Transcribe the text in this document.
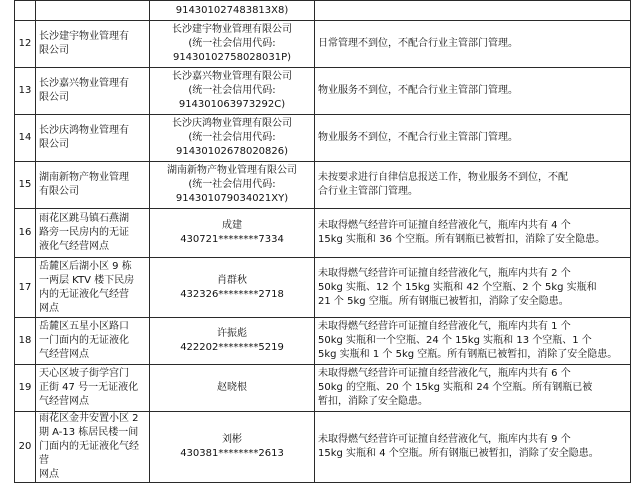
		914301027483813X8)	

12	长沙建宇物业管理有
限公司	长沙建宇物业管理有限公司
(统一社会信用代码:
91430102758028031P)	日常管理不到位，不配合行业主管部门管理。

13	长沙嘉兴物业管理有
限公司	长沙嘉兴物业管理有限公司
(统一社会信用代码:
914301063973292C)	物业服务不到位，不配合行业主管部门管理。

14	长沙庆鸿物业管理有
限公司	长沙庆鸿物业管理有限公司
(统一社会信用代码:
91430102678020826)	物业服务不到位，不配合行业主管部门管理。

15	湖南新物产物业管理
有限公司	湖南新物产物业管理有限公司
(统一社会信用代码:
914301079034021XY)	未按要求进行自律信息报送工作，物业服务不到位，不配
合行业主管部门管理。

16	雨花区跳马镇石燕湖
路旁一民房内的无证
液化气经营网点	成建
430721********7334	未取得燃气经营许可证擅自经营液化气，瓶库内共有 4 个
15kg 实瓶和 36 个空瓶。所有钢瓶已被暂扣，消除了安全隐患。

17	岳麓区后湖小区 9 栋
一两层 KTV 楼下民房
内的无证液化气经营
网点	肖群秋
432326********2718	未取得燃气经营许可证擅自经营液化气，瓶库内共有 2 个
50kg 实瓶、12 个 15kg 实瓶和 42 个空瓶、2 个 5kg 实瓶和
21 个 5kg 空瓶。所有钢瓶已被暂扣，消除了安全隐患。

18	岳麓区五星小区路口
一门面内的无证液化
气经营网点	许振彪
422202********5219	未取得燃气经营许可证擅自经营液化气，瓶库内共有 1 个
50kg 实瓶和一个空瓶、24 个 15kg 实瓶和 13 个空瓶、1 个
5kg 实瓶和 1 个 5kg 空瓶。所有钢瓶已被暂扣，消除了安全隐患。

19	天心区坡子街学宫门
正街 47 号一无证液化
气经营网点	赵晓根	未取得燃气经营许可证擅自经营液化气，瓶库内共有 6 个
50kg 的空瓶、20 个 15kg 实瓶和 24 个空瓶。所有钢瓶已被
暂扣，消除了安全隐患。

20	雨花区金井安置小区 2
期 A-13 栋居民楼一间
门面内的无证液化气经营
网点	刘彬
430381********2613	未取得燃气经营许可证擅自经营液化气，瓶库内共有 9 个
15kg 实瓶和 4 个空瓶。所有钢瓶已被暂扣，消除了安全隐患。
